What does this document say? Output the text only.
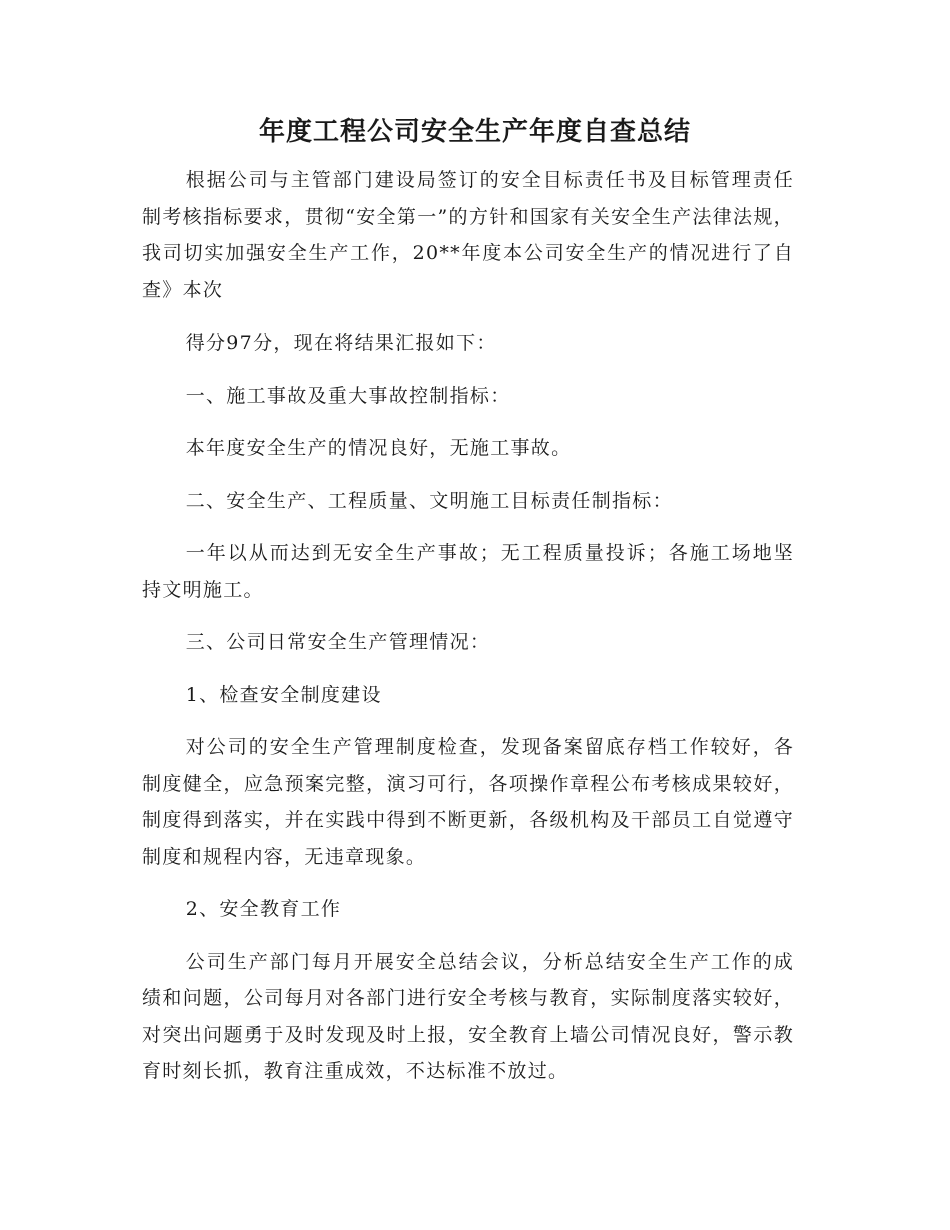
年度工程公司安全生产年度自查总结

根据公司与主管部门建设局签订的安全目标责任书及目标管理责任制考核指标要求，贯彻“安全第一”的方针和国家有关安全生产法律法规，我司切实加强安全生产工作，20**年度本公司安全生产的情况进行了自查》本次

得分97分，现在将结果汇报如下：

一、施工事故及重大事故控制指标：

本年度安全生产的情况良好，无施工事故。

二、安全生产、工程质量、文明施工目标责任制指标：

一年以从而达到无安全生产事故；无工程质量投诉；各施工场地坚持文明施工。

三、公司日常安全生产管理情况：

1、检查安全制度建设

对公司的安全生产管理制度检查，发现备案留底存档工作较好，各制度健全，应急预案完整，演习可行，各项操作章程公布考核成果较好，制度得到落实，并在实践中得到不断更新，各级机构及干部员工自觉遵守制度和规程内容，无违章现象。

2、安全教育工作

公司生产部门每月开展安全总结会议，分析总结安全生产工作的成绩和问题，公司每月对各部门进行安全考核与教育，实际制度落实较好，对突出问题勇于及时发现及时上报，安全教育上墙公司情况良好，警示教育时刻长抓，教育注重成效，不达标准不放过。
